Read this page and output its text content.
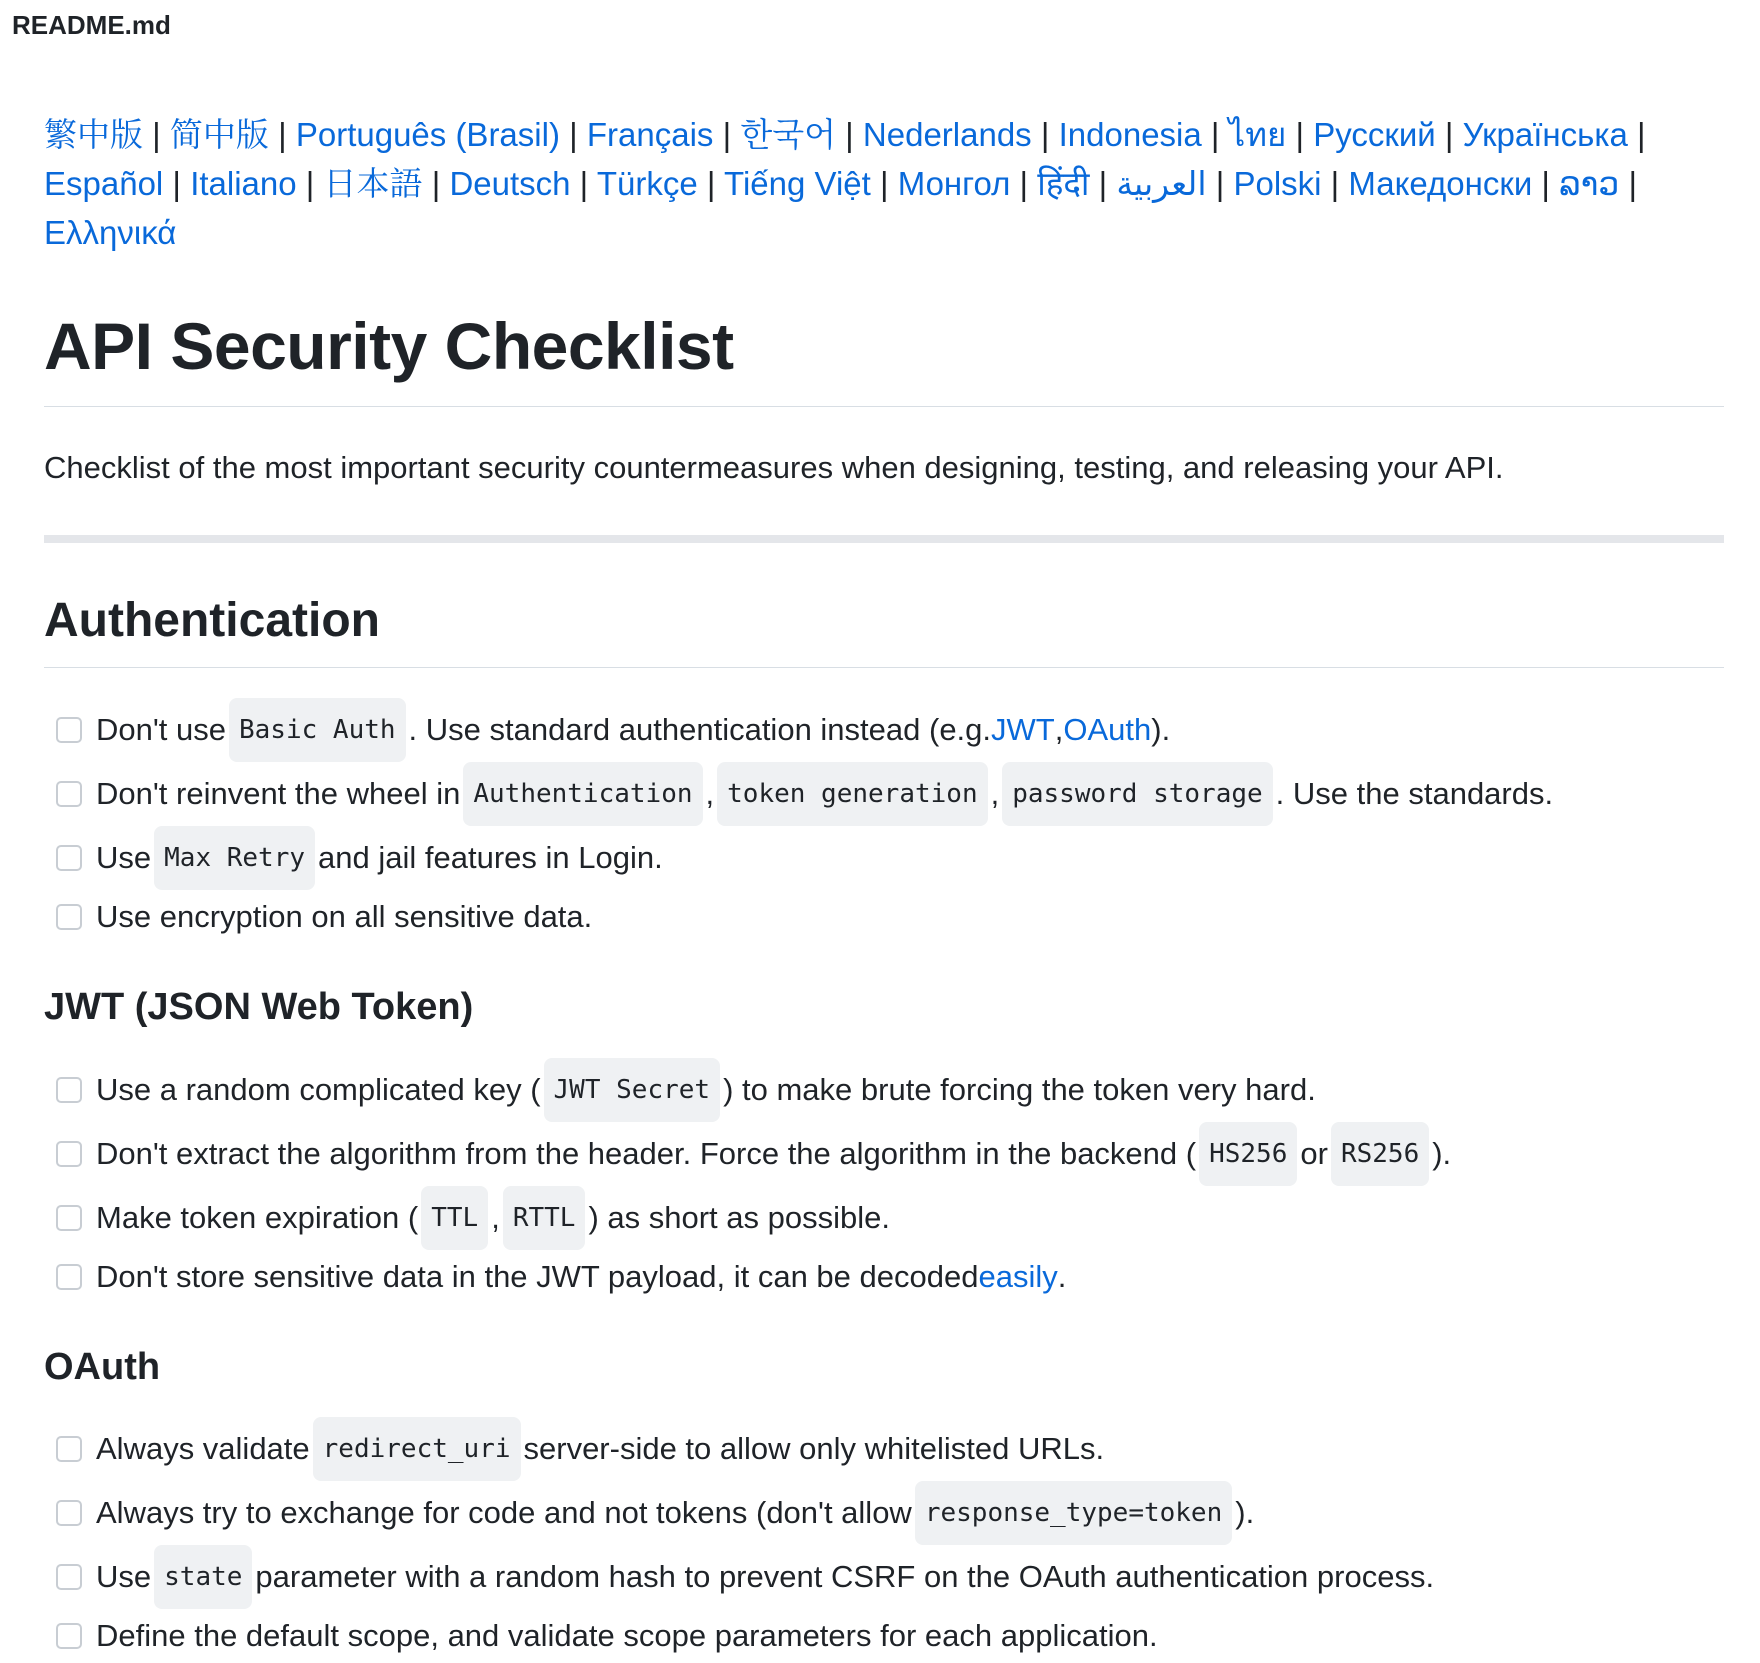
README.md

繁中版 | 简中版 | Português (Brasil) | Français | 한국어 | Nederlands | Indonesia | ไทย | Русский | Українська | Español | Italiano | 日本語 | Deutsch | Türkçe | Tiếng Việt | Монгол | हिंदी | العربية | Polski | Македонски | ລາວ | Ελληνικά

API Security Checklist

Checklist of the most important security countermeasures when designing, testing, and releasing your API.

Authentication
Don't use Basic Auth . Use standard authentication instead (e.g. JWT , OAuth ).
Don't reinvent the wheel in Authentication , token generation , password storage . Use the standards.
Use Max Retry and jail features in Login.
Use encryption on all sensitive data.
JWT (JSON Web Token)
Use a random complicated key ( JWT Secret ) to make brute forcing the token very hard.
Don't extract the algorithm from the header. Force the algorithm in the backend ( HS256 or RS256 ).
Make token expiration ( TTL , RTTL ) as short as possible.
Don't store sensitive data in the JWT payload, it can be decoded easily .
OAuth
Always validate redirect_uri server-side to allow only whitelisted URLs.
Always try to exchange for code and not tokens (don't allow response_type=token ).
Use state parameter with a random hash to prevent CSRF on the OAuth authentication process.
Define the default scope, and validate scope parameters for each application.
